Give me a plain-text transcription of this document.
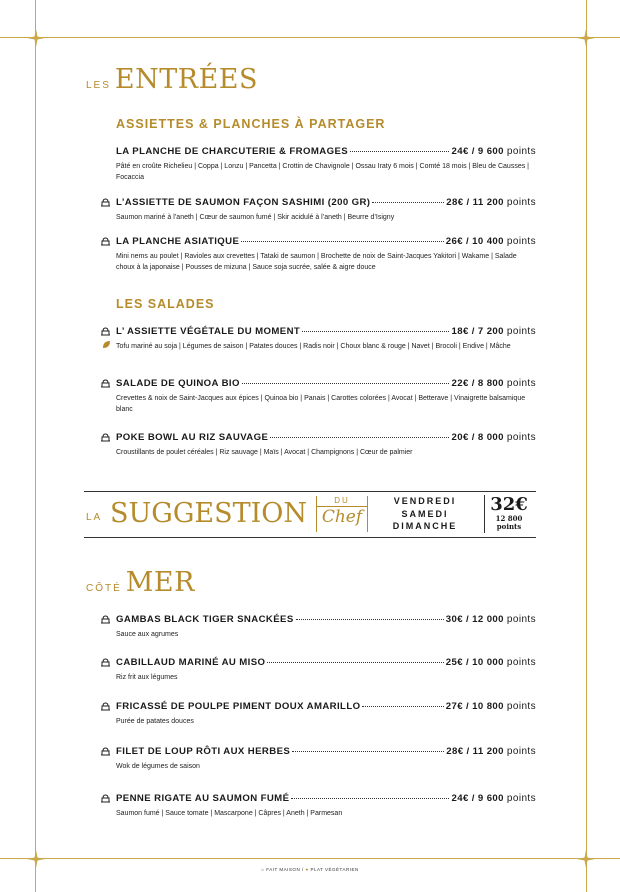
LES ENTRÉES
ASSIETTES & PLANCHES À PARTAGER
LA PLANCHE DE CHARCUTERIE & FROMAGES	24€ / 9 600 points
Pâté en croûte Richelieu | Coppa | Lonzu | Pancetta | Crottin de Chavignole | Ossau Iraty 6 mois | Comté 18 mois | Bleu de Causses | Focaccia
L’ASSIETTE DE SAUMON FAÇON SASHIMI (200 GR)	28€ / 11 200 points
Saumon mariné à l’aneth | Cœur de saumon fumé | Skir acidulé à l’aneth | Beurre d’Isigny
LA PLANCHE ASIATIQUE	26€ / 10 400 points
Mini nems au poulet | Ravioles aux crevettes | Tataki de saumon | Brochette de noix de Saint-Jacques Yakitori | Wakame | Salade choux à la japonaise | Pousses de mizuna | Sauce soja sucrée, salée & aigre douce
LES SALADES
L’ ASSIETTE VÉGÉTALE DU MOMENT	18€ / 7 200 points
Tofu mariné au soja | Légumes de saison | Patates douces | Radis noir | Choux blanc & rouge | Navet | Brocoli | Endive | Mâche
SALADE DE QUINOA BIO	22€ / 8 800 points
Crevettes & noix de Saint-Jacques aux épices | Quinoa bio | Panais | Carottes colorées | Avocat | Betterave | Vinaigrette balsamique blanc
POKE BOWL AU RIZ SAUVAGE	20€ / 8 000 points
Croustillants de poulet céréales | Riz sauvage | Maïs | Avocat | Champignons | Cœur de palmier
LA SUGGESTION	DU
Chef
VENDREDI
SAMEDI
DIMANCHE
32€
12 800
points
CÔTÉ MER
GAMBAS BLACK TIGER SNACKÉES	30€ / 12 000 points
Sauce aux agrumes
CABILLAUD MARINÉ AU MISO	25€ / 10 000 points
Riz frit aux légumes
FRICASSÉ DE POULPE PIMENT DOUX AMARILLO	27€ / 10 800 points
Purée de patates douces
FILET DE LOUP RÔTI AUX HERBES	28€ / 11 200 points
Wok de légumes de saison
PENNE RIGATE AU SAUMON FUMÉ	24€ / 9 600 points
Saumon fumé | Sauce tomate | Mascarpone | Câpres | Aneth | Parmesan
⌂ FAIT MAISON / ● PLAT VÉGÉTARIEN
